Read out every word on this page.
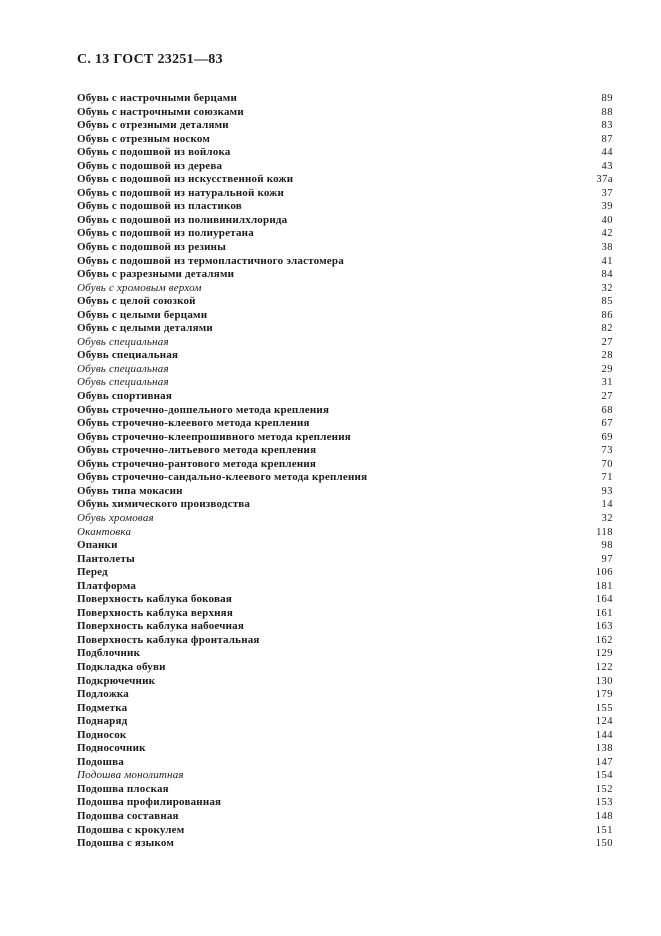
С. 13 ГОСТ 23251—83
Обувь с настрочными берцами	89
Обувь с настрочными союзками	88
Обувь с отрезными деталями	83
Обувь с отрезным носком	87
Обувь с подошвой из войлока	44
Обувь с подошвой из дерева	43
Обувь с подошвой из искусственной кожи	37а
Обувь с подошвой из натуральной кожи	37
Обувь с подошвой из пластиков	39
Обувь с подошвой из поливинилхлорида	40
Обувь с подошвой из полиуретана	42
Обувь с подошвой из резины	38
Обувь с подошвой из термопластичного эластомера	41
Обувь с разрезными деталями	84
Обувь с хромовым верхом	32
Обувь с целой союзкой	85
Обувь с целыми берцами	86
Обувь с целыми деталями	82
Обувь специальная	27
Обувь специальная	28
Обувь специальная	29
Обувь специальная	31
Обувь спортивная	27
Обувь строчечно-доппельного метода крепления	68
Обувь строчечно-клеевого метода крепления	67
Обувь строчечно-клеепрошивного метода крепления	69
Обувь строчечно-литьевого метода крепления	73
Обувь строчечно-рантового метода крепления	70
Обувь строчечно-сандально-клеевого метода крепления	71
Обувь типа мокасин	93
Обувь химического производства	14
Обувь хромовая	32
Окантовка	118
Опанки	98
Пантолеты	97
Перед	106
Платформа	181
Поверхность каблука боковая	164
Поверхность каблука верхняя	161
Поверхность каблука набоечная	163
Поверхность каблука фронтальная	162
Подблочник	129
Подкладка обуви	122
Подкрючечник	130
Подложка	179
Подметка	155
Поднаряд	124
Подносок	144
Подносочник	138
Подошва	147
Подошва монолитная	154
Подошва плоская	152
Подошва профилированная	153
Подошва составная	148
Подошва с крокулем	151
Подошва с языком	150
